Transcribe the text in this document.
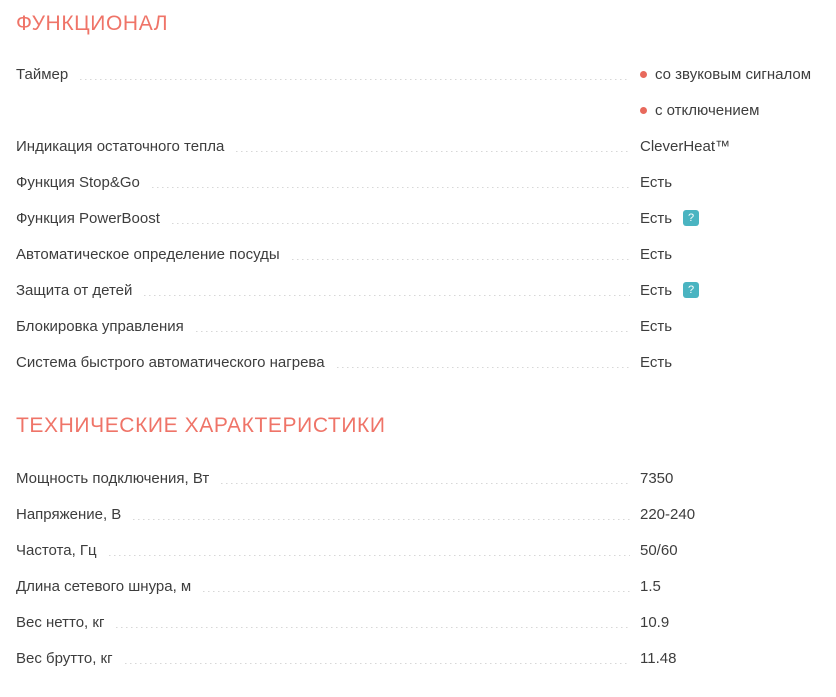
ФУНКЦИОНАЛ
Таймер	со звуковым сигналом
с отключением
Индикация остаточного тепла	CleverHeat™
Функция Stop&Go	Есть
Функция PowerBoost	Есть	?
Автоматическое определение посуды	Есть
Защита от детей	Есть	?
Блокировка управления	Есть
Система быстрого автоматического нагрева	Есть
ТЕХНИЧЕСКИЕ ХАРАКТЕРИСТИКИ
Мощность подключения, Вт	7350
Напряжение, В	220-240
Частота, Гц	50/60
Длина сетевого шнура, м	1.5
Вес нетто, кг	10.9
Вес брутто, кг	11.48
